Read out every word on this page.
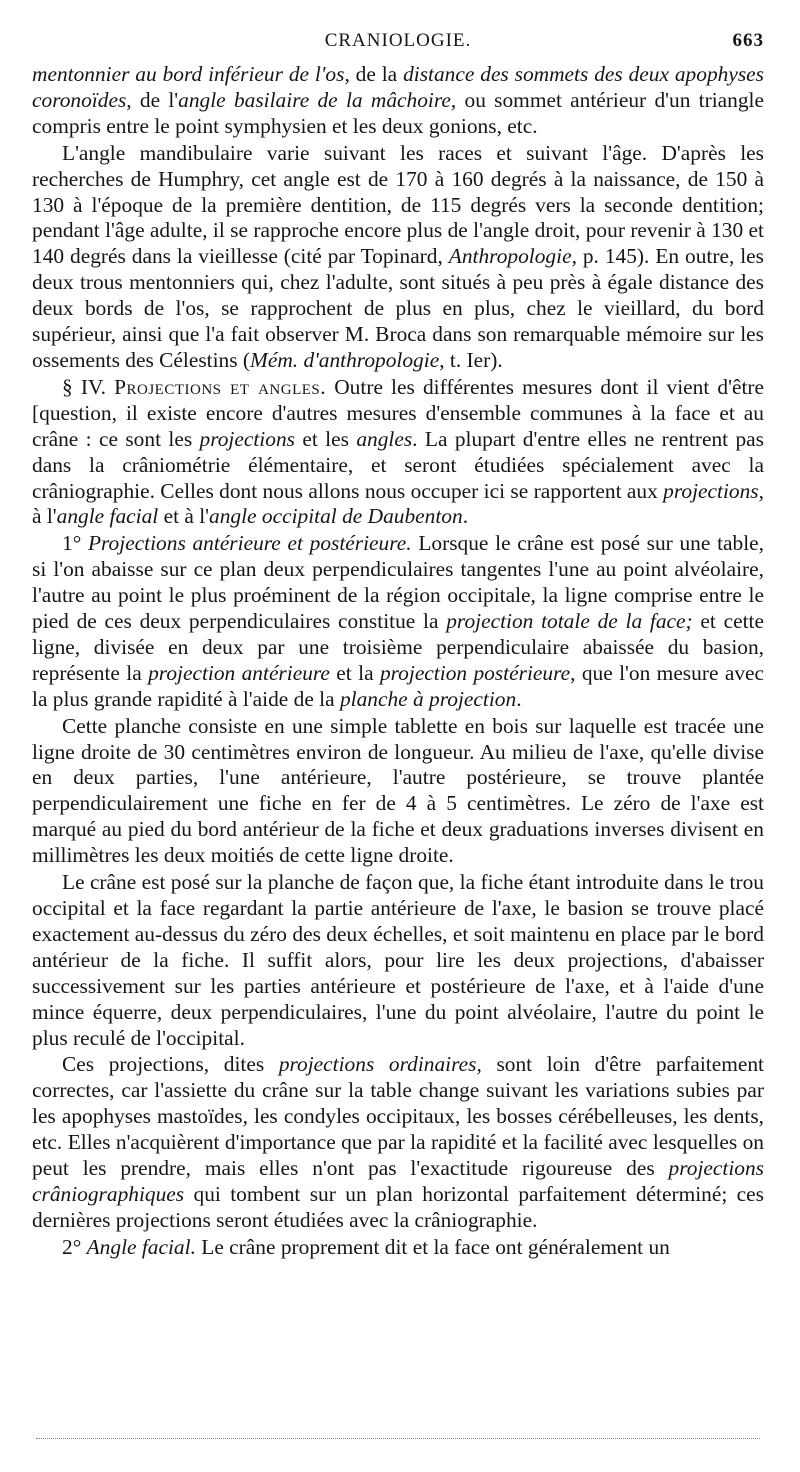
CRANIOLOGIE.	663

mentonnier au bord inférieur de l'os, de la distance des sommets des deux apophyses coronoïdes, de l'angle basilaire de la mâchoire, ou sommet antérieur d'un triangle compris entre le point symphysien et les deux gonions, etc.

L'angle mandibulaire varie suivant les races et suivant l'âge. D'après les recherches de Humphry, cet angle est de 170 à 160 degrés à la naissance, de 150 à 130 à l'époque de la première dentition, de 115 degrés vers la seconde dentition; pendant l'âge adulte, il se rapproche encore plus de l'angle droit, pour revenir à 130 et 140 degrés dans la vieillesse (cité par Topinard, Anthropologie, p. 145). En outre, les deux trous mentonniers qui, chez l'adulte, sont situés à peu près à égale distance des deux bords de l'os, se rapprochent de plus en plus, chez le vieillard, du bord supérieur, ainsi que l'a fait observer M. Broca dans son remarquable mémoire sur les ossements des Célestins (Mém. d'anthropologie, t. Ier).

§ IV. Projections et angles. Outre les différentes mesures dont il vient d'être [question, il existe encore d'autres mesures d'ensemble communes à la face et au crâne : ce sont les projections et les angles. La plupart d'entre elles ne rentrent pas dans la crâniométrie élémentaire, et seront étudiées spécialement avec la crâniographie. Celles dont nous allons nous occuper ici se rapportent aux projections, à l'angle facial et à l'angle occipital de Daubenton.

1° Projections antérieure et postérieure. Lorsque le crâne est posé sur une table, si l'on abaisse sur ce plan deux perpendiculaires tangentes l'une au point alvéolaire, l'autre au point le plus proéminent de la région occipitale, la ligne comprise entre le pied de ces deux perpendiculaires constitue la projection totale de la face; et cette ligne, divisée en deux par une troisième perpendiculaire abaissée du basion, représente la projection antérieure et la projection postérieure, que l'on mesure avec la plus grande rapidité à l'aide de la planche à projection.

Cette planche consiste en une simple tablette en bois sur laquelle est tracée une ligne droite de 30 centimètres environ de longueur. Au milieu de l'axe, qu'elle divise en deux parties, l'une antérieure, l'autre postérieure, se trouve plantée perpendiculairement une fiche en fer de 4 à 5 centimètres. Le zéro de l'axe est marqué au pied du bord antérieur de la fiche et deux graduations inverses divisent en millimètres les deux moitiés de cette ligne droite.

Le crâne est posé sur la planche de façon que, la fiche étant introduite dans le trou occipital et la face regardant la partie antérieure de l'axe, le basion se trouve placé exactement au-dessus du zéro des deux échelles, et soit maintenu en place par le bord antérieur de la fiche. Il suffit alors, pour lire les deux projections, d'abaisser successivement sur les parties antérieure et postérieure de l'axe, et à l'aide d'une mince équerre, deux perpendiculaires, l'une du point alvéolaire, l'autre du point le plus reculé de l'occipital.

Ces projections, dites projections ordinaires, sont loin d'être parfaitement correctes, car l'assiette du crâne sur la table change suivant les variations subies par les apophyses mastoïdes, les condyles occipitaux, les bosses cérébelleuses, les dents, etc. Elles n'acquièrent d'importance que par la rapidité et la facilité avec lesquelles on peut les prendre, mais elles n'ont pas l'exactitude rigoureuse des projections crâniographiques qui tombent sur un plan horizontal parfaitement déterminé; ces dernières projections seront étudiées avec la crâniographie.

2° Angle facial. Le crâne proprement dit et la face ont généralement un
